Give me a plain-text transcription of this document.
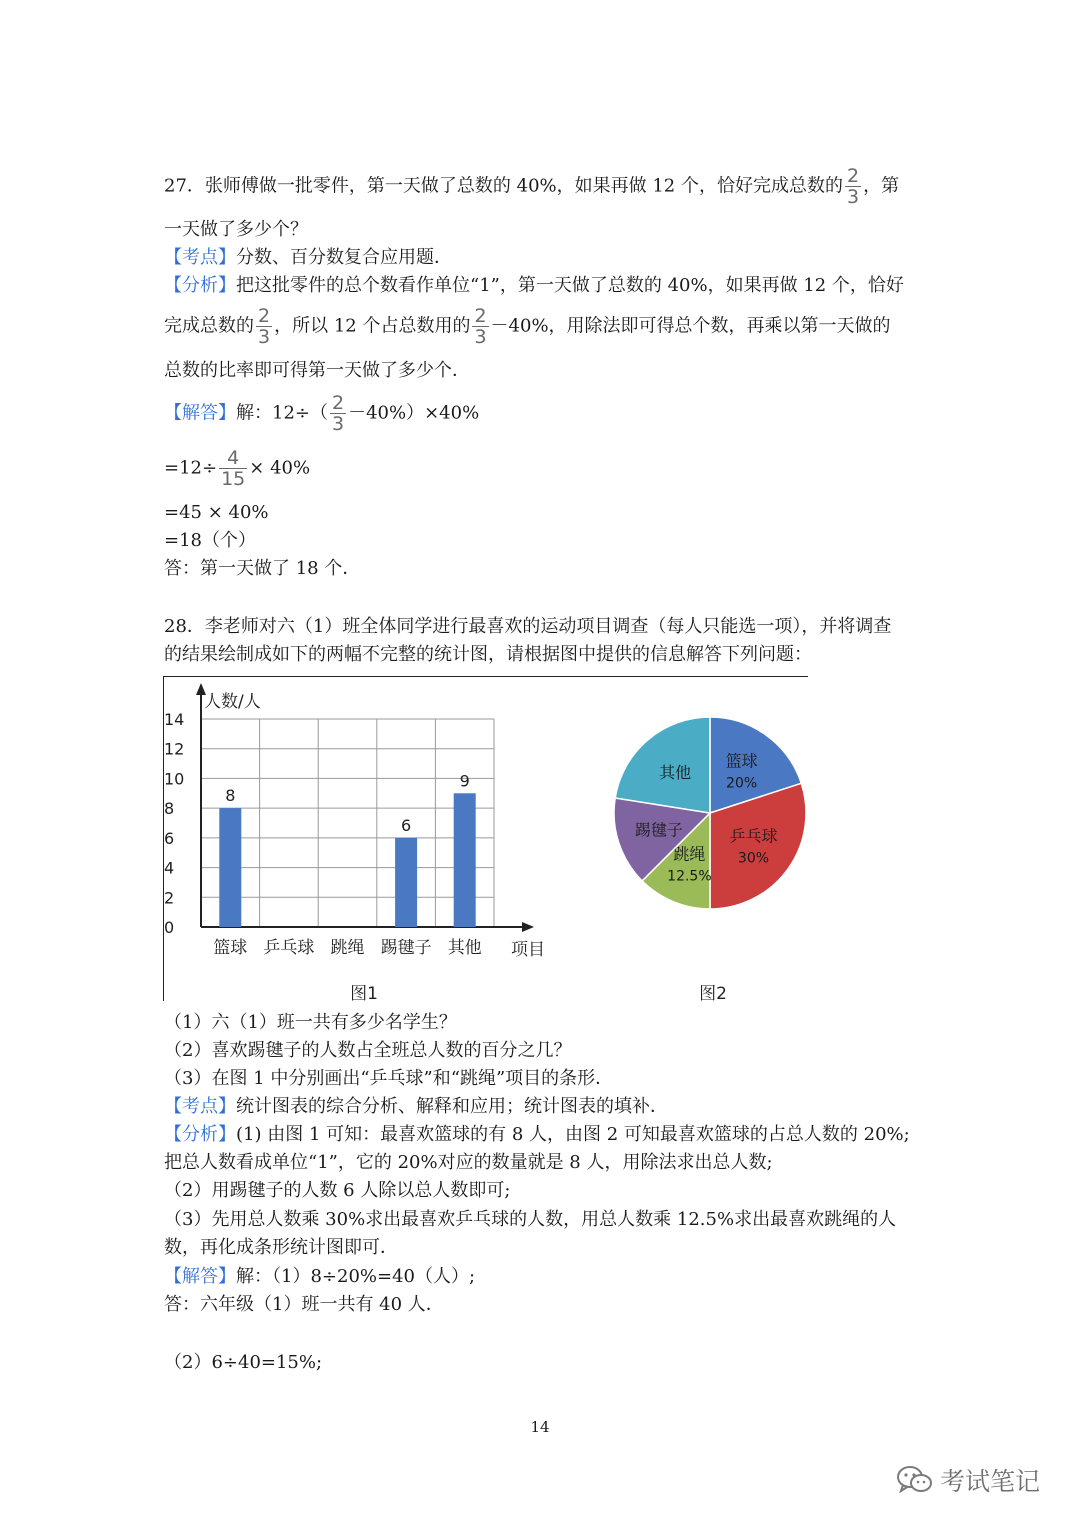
27．张师傅做一批零件，第一天做了总数的 40%，如果再做 12 个，恰好完成总数的 $\frac{2}{3}$ ，第
一天做了多少个？
【考点】分数、百分数复合应用题．
【分析】把这批零件的总个数看作单位“1”，第一天做了总数的 40%，如果再做 12 个，恰好
完成总数的 $\frac{2}{3}$ ，所以 12 个占总数用的 $\frac{2}{3} -40\%$，用除法即可得总个数，再乘以第一天做的
总数的比率即可得第一天做了多少个．
【解答】解：$12\div( \frac{2}{3} -40\%)\times 40\%$
$=12\div \frac{4}{15} \times 40\%$
=45 × 40%
=18（个）
答：第一天做了 18 个．
28．李老师对六（1）班全体同学进行最喜欢的运动项目调查（每人只能选一项），并将调查
的结果绘制成如下的两幅不完整的统计图，请根据图中提供的信息解答下列问题：
0
2
4
6
8
10
12
14
人数/人
项目
篮球
8
乒乓球 跳绳 踢毽子
6
其他
9
图1
篮球
20%
乒乓球
30%
跳绳
12.5%
踢毽子
其他
图2
（1）六（1）班一共有多少名学生？
（2）喜欢踢毽子的人数占全班总人数的百分之几？
（3）在图 1 中分别画出“乒乓球”和“跳绳”项目的条形．
【考点】统计图表的综合分析、解释和应用；统计图表的填补．
【分析】(1) 由图 1 可知：最喜欢篮球的有 8 人，由图 2 可知最喜欢篮球的占总人数的 20%;
把总人数看成单位“1”，它的 20%对应的数量就是 8 人，用除法求出总人数;
（2）用踢毽子的人数 6 人除以总人数即可;
（3）先用总人数乘 30%求出最喜欢乒乓球的人数，用总人数乘 12.5%求出最喜欢跳绳的人
数，再化成条形统计图即可．
【解答】解：（1）8÷20%=40（人）;
答：六年级（1）班一共有 40 人．
（2）6÷40=15%;
14
考试笔记
